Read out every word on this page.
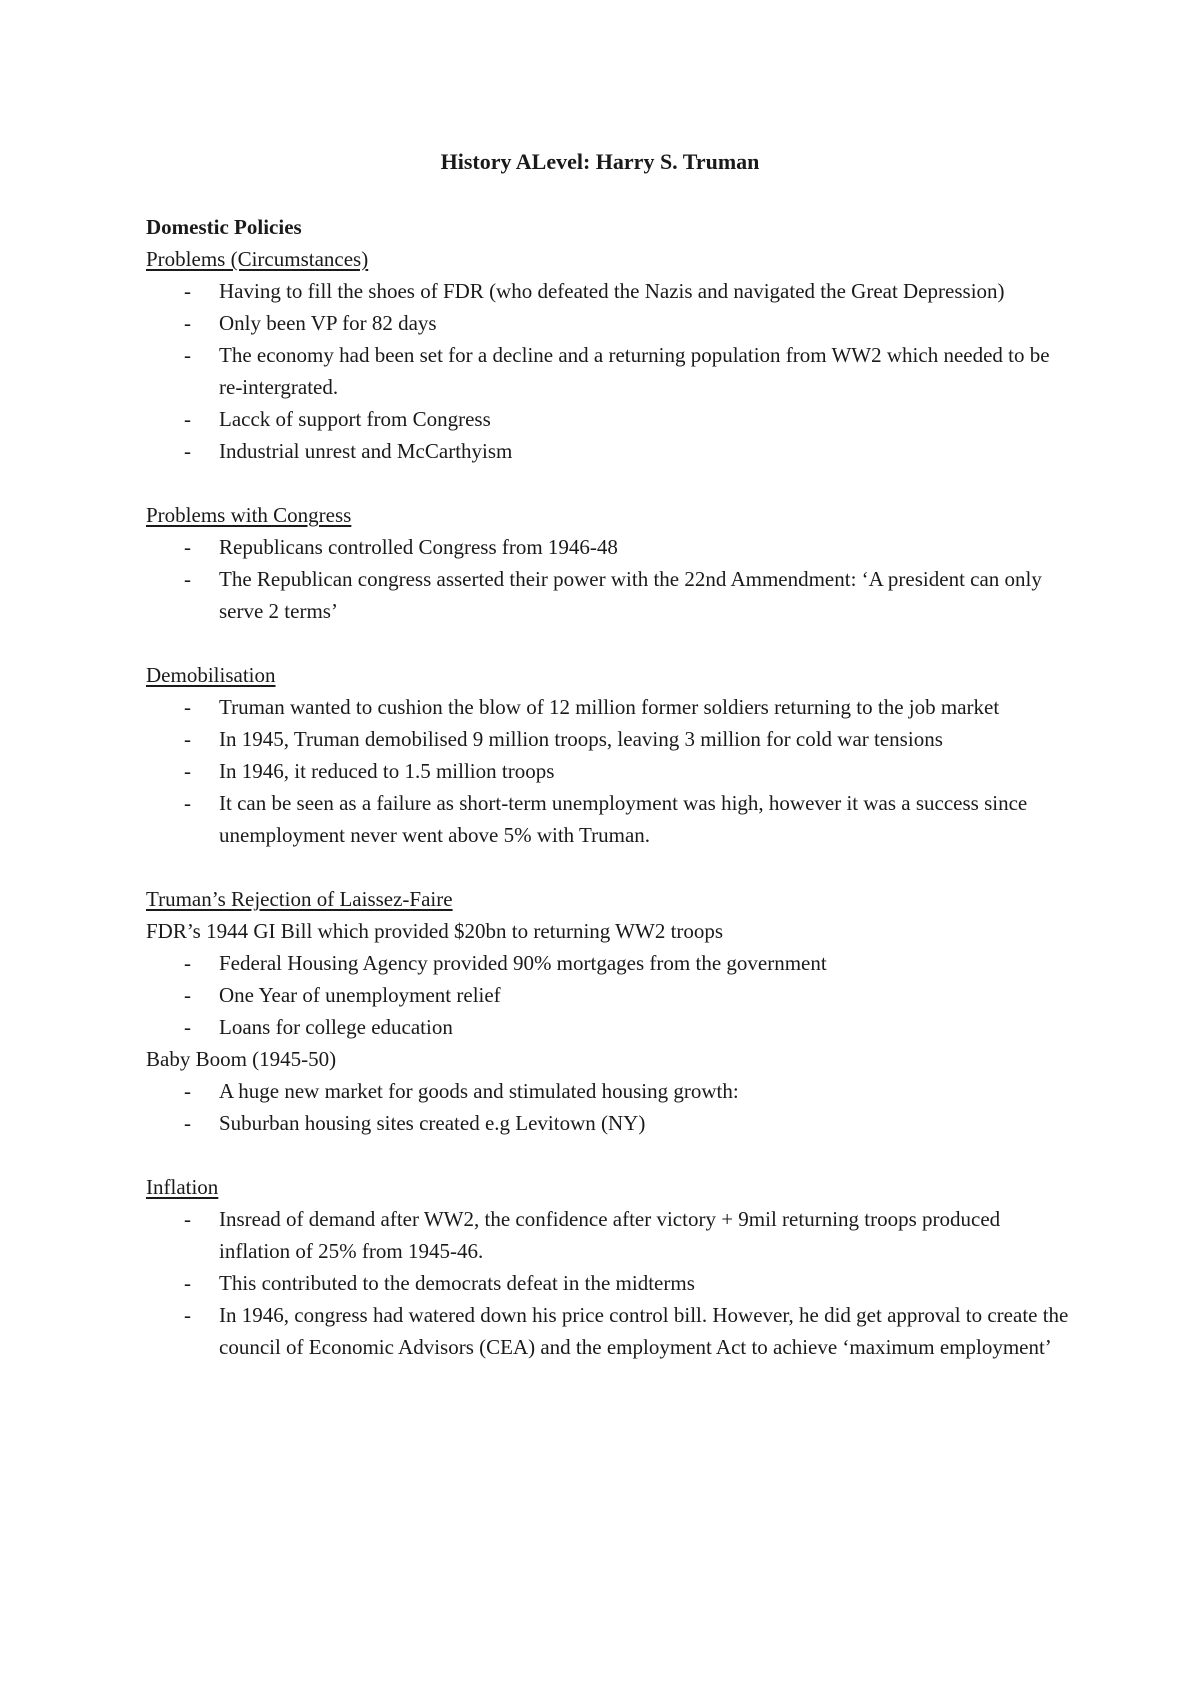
History ALevel: Harry S. Truman

Domestic Policies

Problems (Circumstances)

- Having to fill the shoes of FDR (who defeated the Nazis and navigated the Great Depression)
- Only been VP for 82 days
- The economy had been set for a decline and a returning population from WW2 which needed to be re-intergrated.
- Lacck of support from Congress
- Industrial unrest and McCarthyism

Problems with Congress

- Republicans controlled Congress from 1946-48
- The Republican congress asserted their power with the 22nd Ammendment: ‘A president can only serve 2 terms’

Demobilisation

- Truman wanted to cushion the blow of 12 million former soldiers returning to the job market
- In 1945, Truman demobilised 9 million troops, leaving 3 million for cold war tensions
- In 1946, it reduced to 1.5 million troops
- It can be seen as a failure as short-term unemployment was high, however it was a success since unemployment never went above 5% with Truman.

Truman’s Rejection of Laissez-Faire

FDR’s 1944 GI Bill which provided $20bn to returning WW2 troops

- Federal Housing Agency provided 90% mortgages from the government
- One Year of unemployment relief
- Loans for college education

Baby Boom (1945-50)

- A huge new market for goods and stimulated housing growth:
- Suburban housing sites created e.g Levitown (NY)

Inflation

- Insread of demand after WW2, the confidence after victory + 9mil returning troops produced inflation of 25% from 1945-46.
- This contributed to the democrats defeat in the midterms
- In 1946, congress had watered down his price control bill. However, he did get approval to create the council of Economic Advisors (CEA) and the employment Act to achieve ‘maximum employment’
